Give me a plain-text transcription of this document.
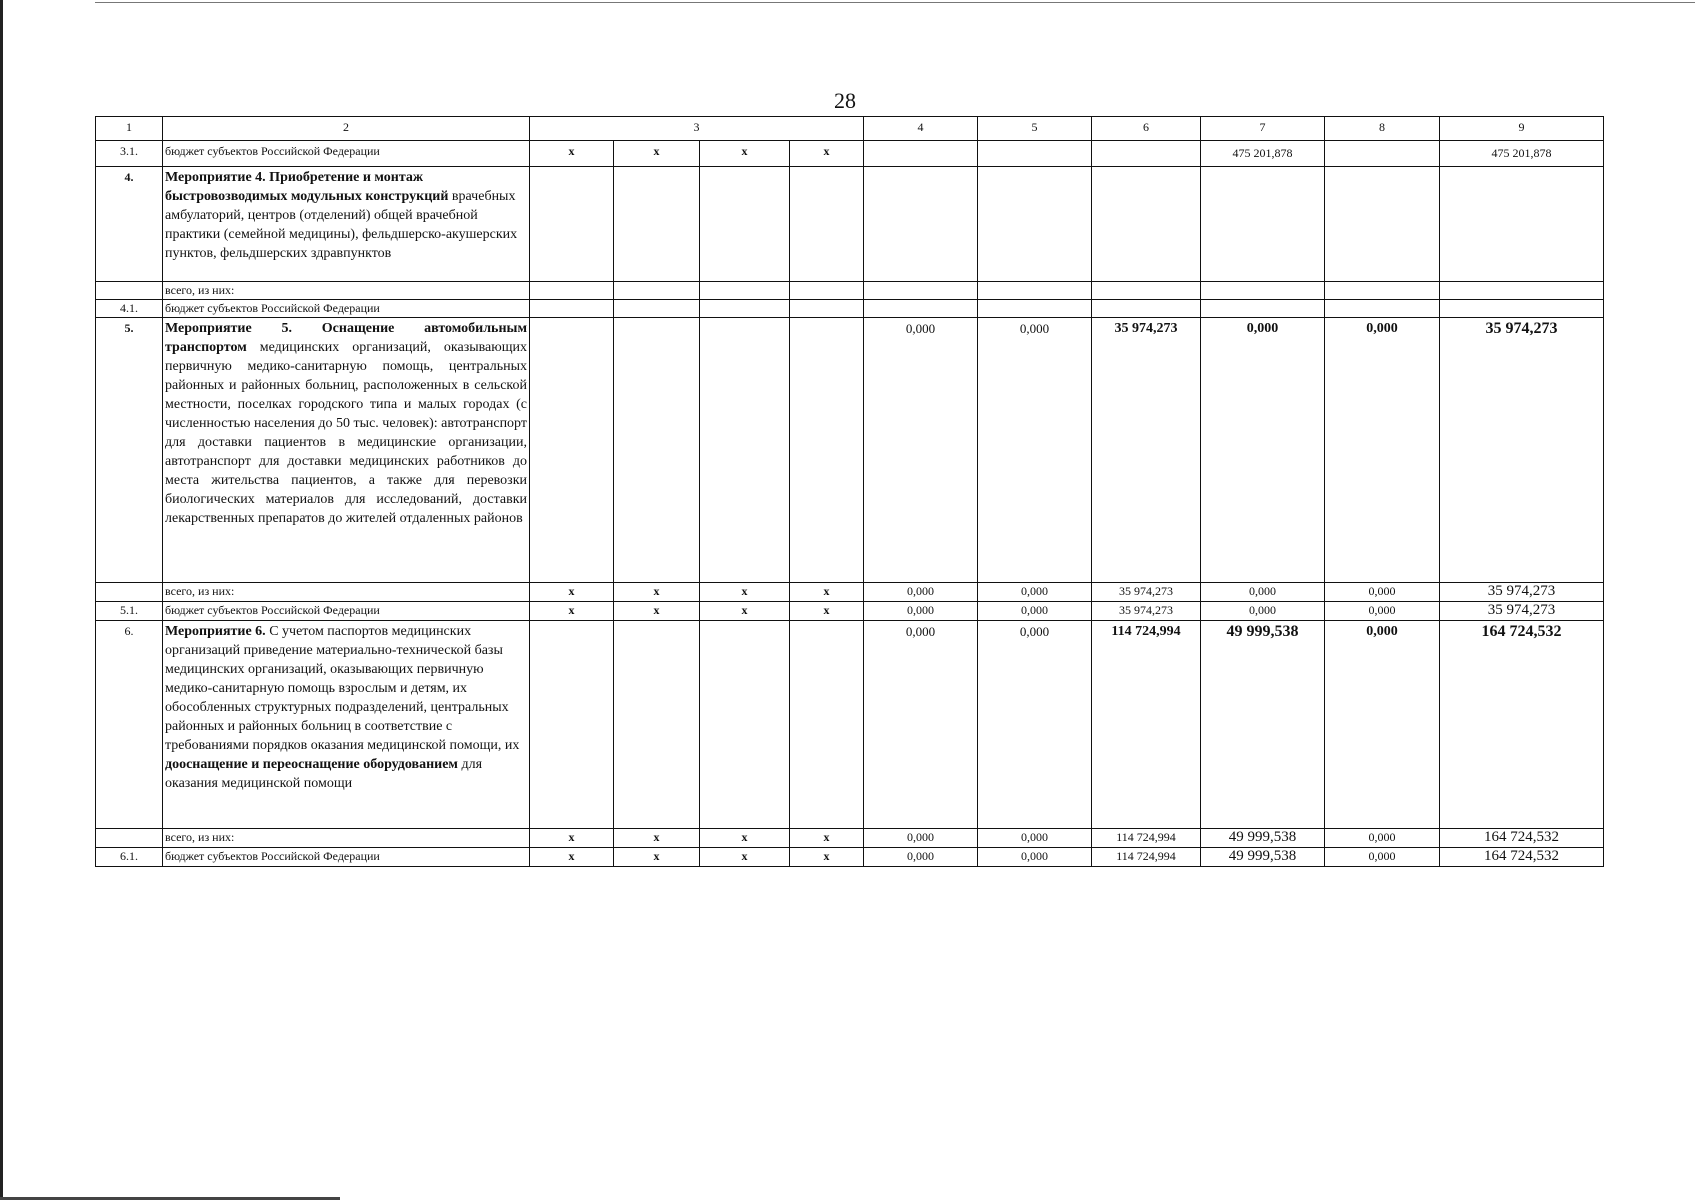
28
1	2	3				4	5	6	7	8	9
3.1.	бюджет субъектов Российской Федерации	x	x	x	x				475 201,878		475 201,878
4.	Мероприятие 4. Приобретение и монтаж быстровозводимых модульных конструкций врачебных амбулаторий, центров (отделений) общей врачебной практики (семейной медицины), фельдшерско-акушерских пунктов, фельдшерских здравпунктов										
	всего, из них:										
4.1.	бюджет субъектов Российской Федерации										
5.	Мероприятие 5. Оснащение автомобильным транспортом медицинских организаций, оказывающих первичную медико-санитарную помощь, центральных районных и районных больниц, расположенных в сельской местности, поселках городского типа и малых городах (с численностью населения до 50 тыс. человек): автотранспорт для доставки пациентов в медицинские организации, автотранспорт для доставки медицинских работников до места жительства пациентов, а также для перевозки биологических материалов для исследований, доставки лекарственных препаратов до жителей отдаленных районов					0,000	0,000	35 974,273	0,000	0,000	35 974,273
	всего, из них:	x	x	x	x	0,000	0,000	35 974,273	0,000	0,000	35 974,273
5.1.	бюджет субъектов Российской Федерации	x	x	x	x	0,000	0,000	35 974,273	0,000	0,000	35 974,273
6.	Мероприятие 6. С учетом паспортов медицинских организаций приведение материально-технической базы медицинских организаций, оказывающих первичную медико-санитарную помощь взрослым и детям, их обособленных структурных подразделений, центральных районных и районных больниц в соответствие с требованиями порядков оказания медицинской помощи, их дооснащение и переоснащение оборудованием для оказания медицинской помощи					0,000	0,000	114 724,994	49 999,538	0,000	164 724,532
	всего, из них:	x	x	x	x	0,000	0,000	114 724,994	49 999,538	0,000	164 724,532
6.1.	бюджет субъектов Российской Федерации	x	x	x	x	0,000	0,000	114 724,994	49 999,538	0,000	164 724,532
